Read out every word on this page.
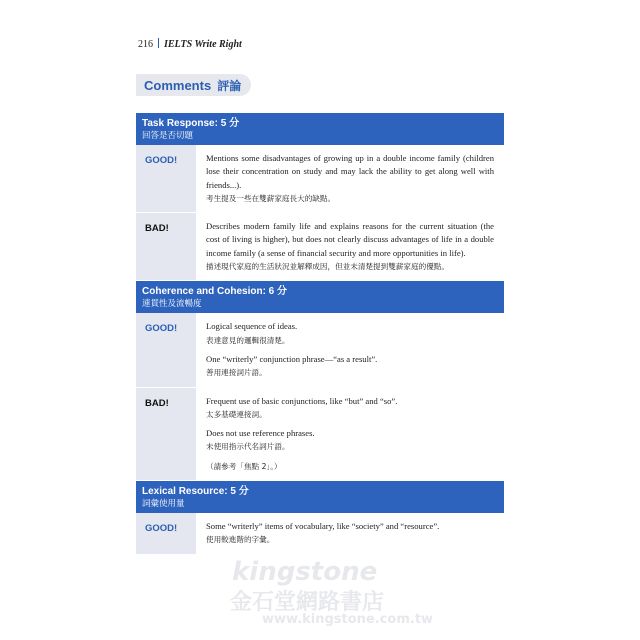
216 IELTS Write Right
Comments 評論
Task Response: 5 分
回答是否切題
GOOD!	Mentions some disadvantages of growing up in a double income family (children lose their concentration on study and may lack the ability to get along well with friends...).
考生提及一些在雙薪家庭長大的缺點。

BAD!	Describes modern family life and explains reasons for the current situation (the cost of living is higher), but does not clearly discuss advantages of life in a double income family (a sense of financial security and more opportunities in life).
描述現代家庭的生活狀況並解釋成因，但並未清楚提到雙薪家庭的優點。

Coherence and Cohesion: 6 分
連貫性及流暢度
GOOD!	Logical sequence of ideas.
表達意見的邏輯很清楚。

One “writerly” conjunction phrase—“as a result”.
善用連接詞片語。

BAD!	Frequent use of basic conjunctions, like “but” and “so”.
太多基礎連接詞。

Does not use reference phrases.
未使用指示代名詞片語。

（請參考「焦點 2」。）

Lexical Resource: 5 分
詞彙使用量
GOOD!	Some “writerly” items of vocabulary, like “society” and “resource”.
使用較進階的字彙。

kingstone
金石堂網路書店
www.kingstone.com.tw
